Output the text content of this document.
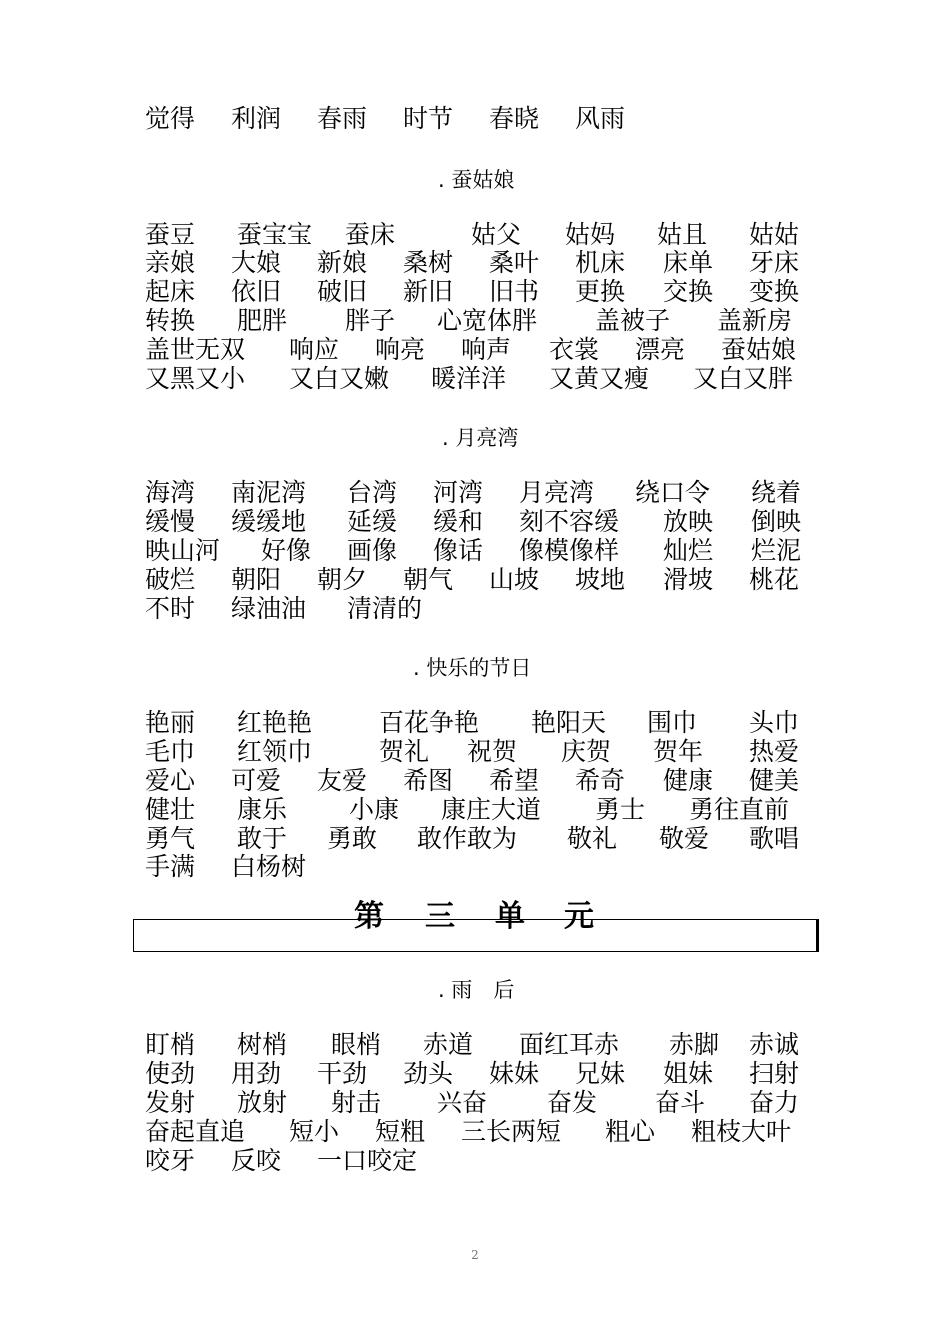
觉得 利润 春雨 时节 春晓 风雨
. 蚕姑娘
蚕豆 蚕宝宝 蚕床	姑父 姑妈 姑且 姑姑
亲娘 大娘 新娘 桑树 桑叶 机床 床单 牙床
起床 依旧 破旧 新旧 旧书 更换 交换 变换
转换 肥胖 胖子 心宽体胖 盖被子 盖新房
盖世无双 响应 响亮 响声 衣裳 漂亮 蚕姑娘
又黑又小 又白又嫩 暖洋洋 又黄又瘦 又白又胖
. 月亮湾
海湾 南泥湾 台湾 河湾 月亮湾 绕口令 绕着
缓慢 缓缓地 延缓 缓和 刻不容缓 放映 倒映
映山河 好像 画像 像话 像模像样 灿烂 烂泥
破烂 朝阳 朝夕 朝气 山坡 坡地 滑坡 桃花
不时 绿油油 清清的
. 快乐的节日
艳丽 红艳艳	百花争艳 艳阳天 围巾 头巾
毛巾 红领巾	贺礼 祝贺 庆贺 贺年 热爱
爱心 可爱 友爱 希图 希望 希奇 健康 健美
健壮 康乐 小康 康庄大道 勇士 勇往直前
勇气 敢于 勇敢 敢作敢为 敬礼 敬爱 歌唱
手满 白杨树
. 雨　后
盯梢 树梢 眼梢 赤道 面红耳赤 赤脚 赤诚
使劲 用劲 干劲 劲头 妹妹 兄妹 姐妹 扫射
发射 放射 射击 兴奋 奋发 奋斗 奋力
奋起直追 短小 短粗 三长两短 粗心 粗枝大叶
咬牙 反咬 一口咬定
第 三 单 元
2
